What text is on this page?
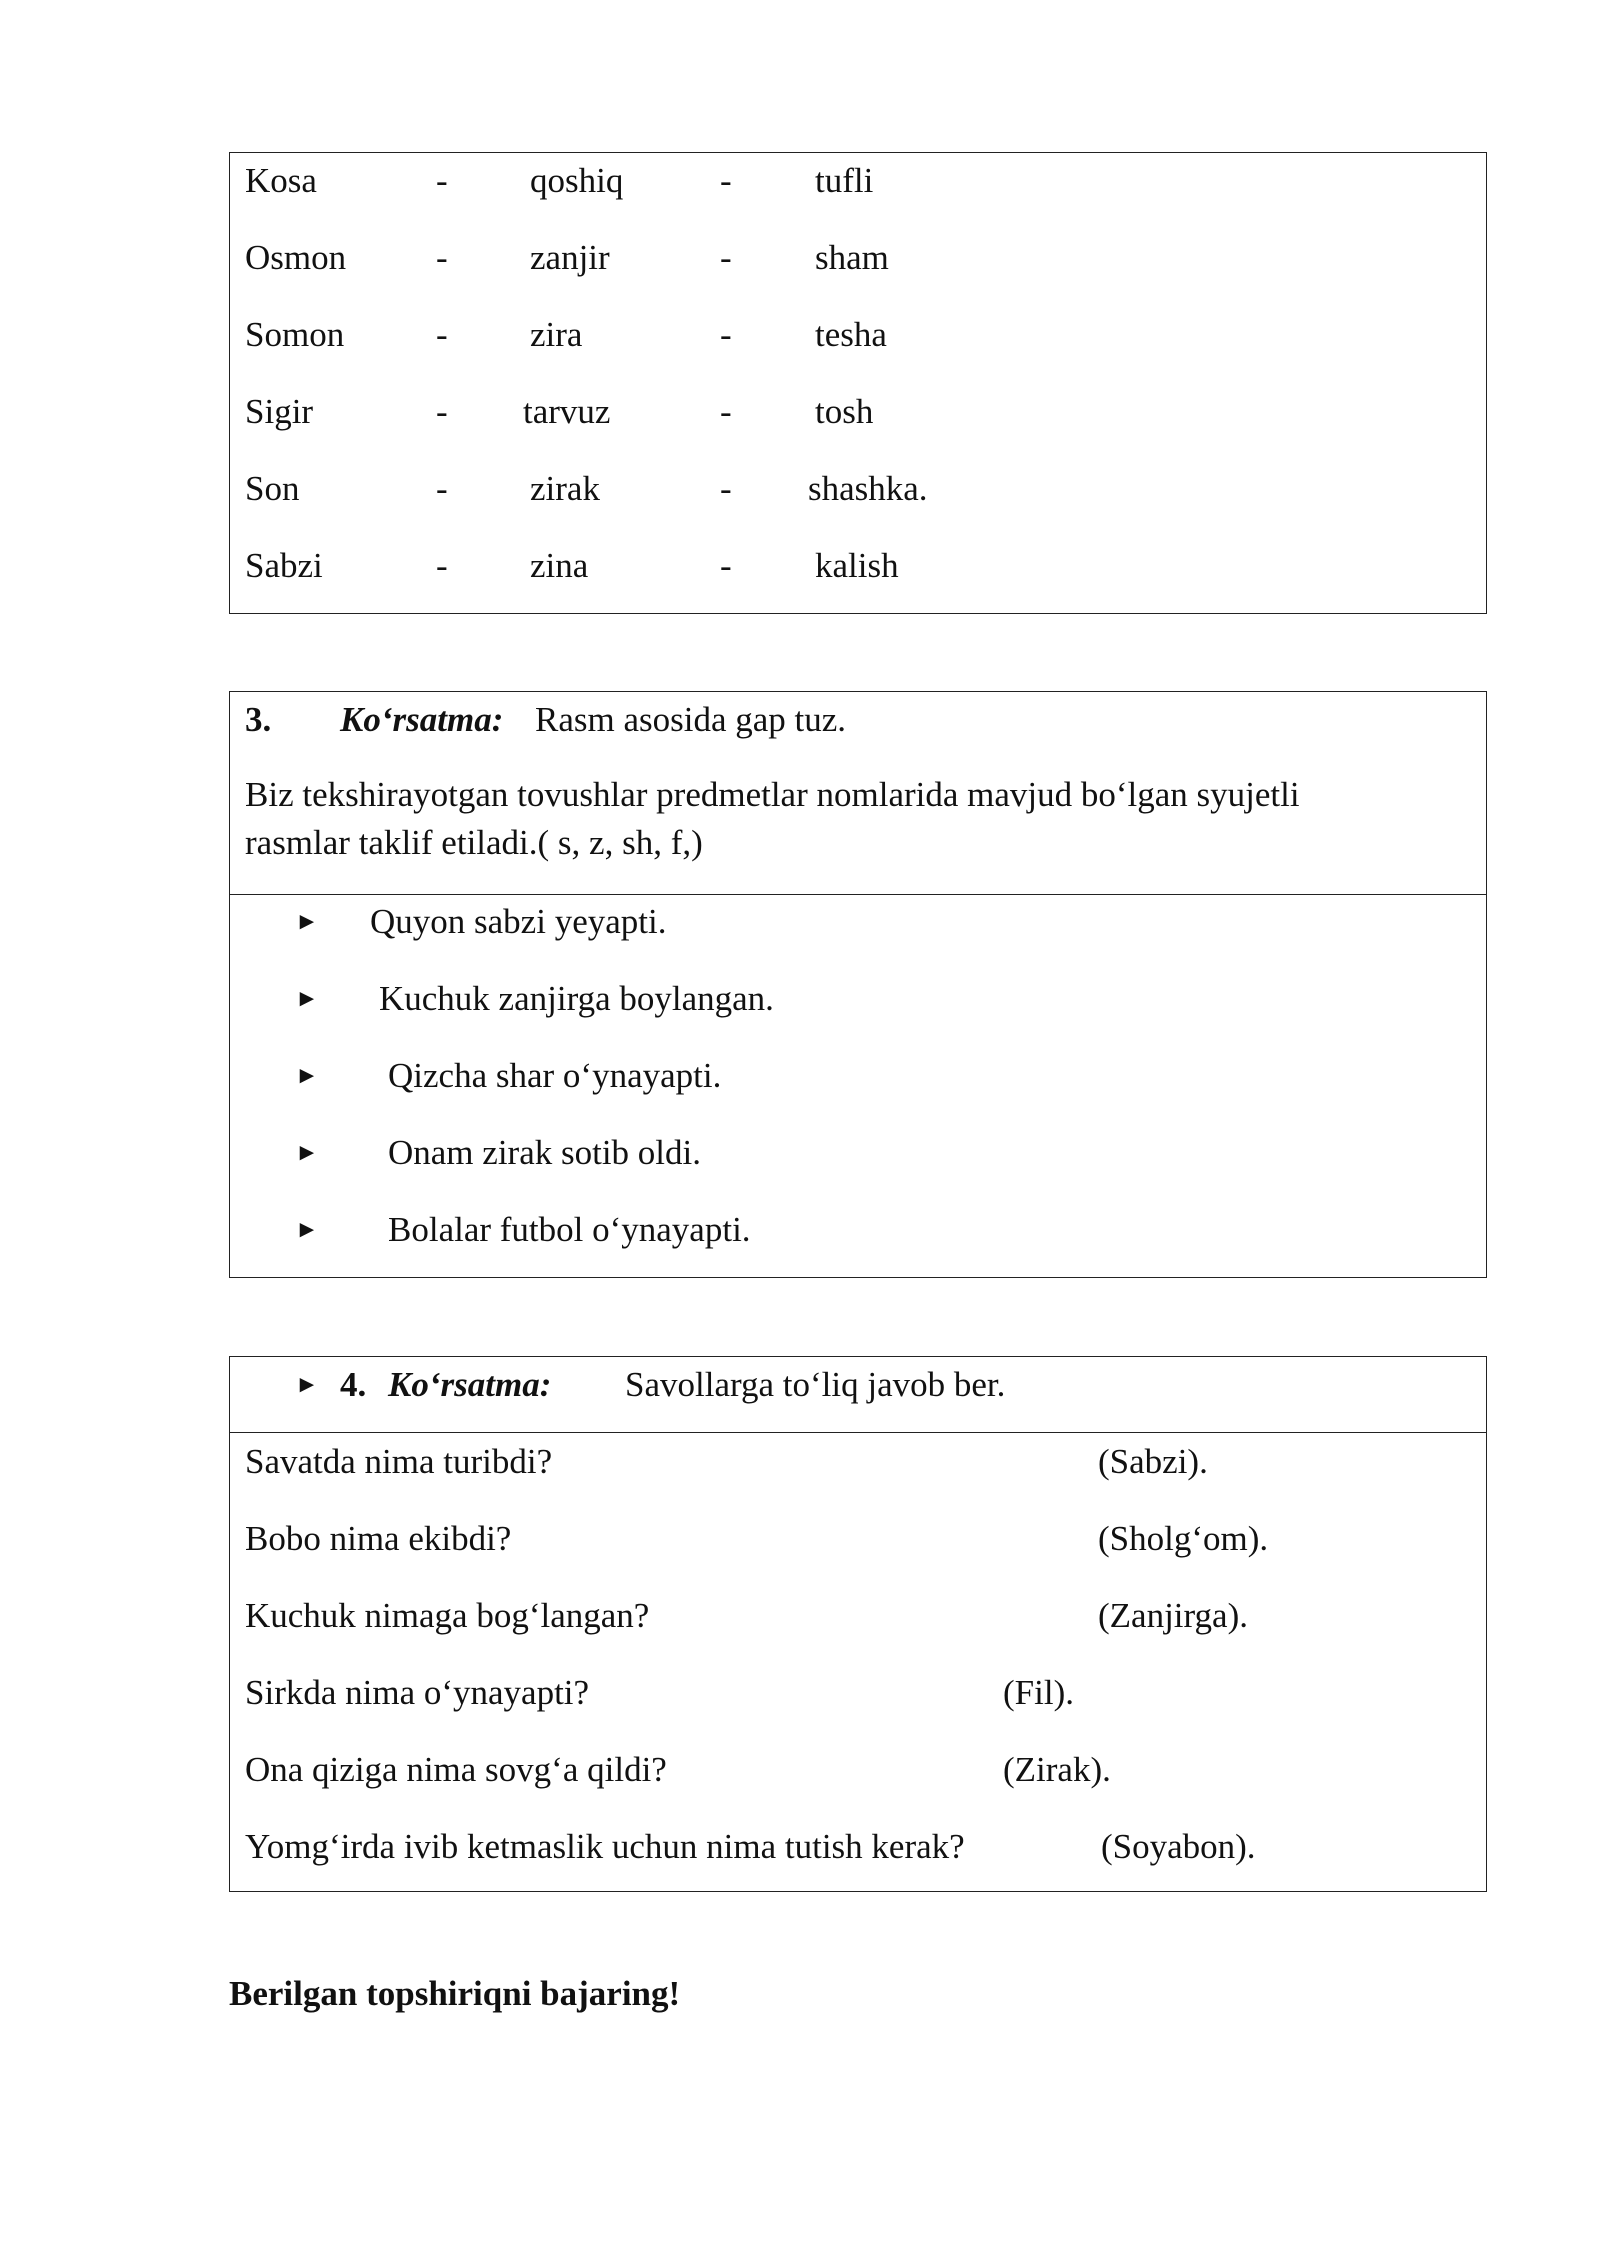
Kosa	- qoshiq	- tufli
Osmon	- zanjir	- sham
Somon	- zira	- tesha
Sigir	- tarvuz	- tosh
Son	- zirak	- shashka.
Sabzi	- zina	- kalish
3. Ko‘rsatma: Rasm asosida gap tuz.
Biz tekshirayotgan tovushlar predmetlar nomlarida mavjud bo‘lgan syujetli
rasmlar taklif etiladi.( s, z, sh, f,)
► Quyon sabzi yeyapti.
► Kuchuk zanjirga boylangan.
► Qizcha shar o‘ynayapti.
► Onam zirak sotib oldi.
► Bolalar futbol o‘ynayapti.
► 4. Ko‘rsatma: Savollarga to‘liq javob ber.
Savatda nima turibdi?	(Sabzi).
Bobo nima ekibdi?	(Sholg‘om).
Kuchuk nimaga bog‘langan?	(Zanjirga).
Sirkda nima o‘ynayapti?	(Fil).
Ona qiziga nima sovg‘a qildi?	(Zirak).
Yomg‘irda ivib ketmaslik uchun nima tutish kerak?	(Soyabon).
Berilgan topshiriqni bajaring!
